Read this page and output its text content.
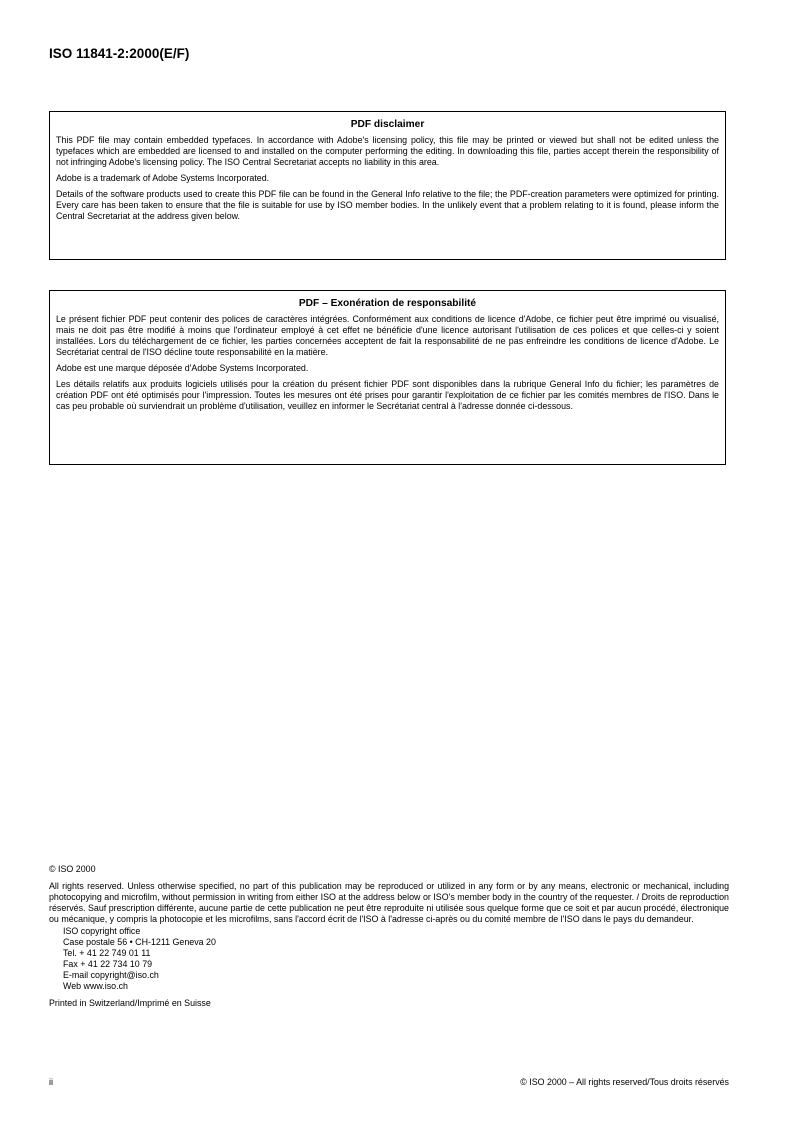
ISO 11841-2:2000(E/F)
PDF disclaimer

This PDF file may contain embedded typefaces. In accordance with Adobe's licensing policy, this file may be printed or viewed but shall not be edited unless the typefaces which are embedded are licensed to and installed on the computer performing the editing. In downloading this file, parties accept therein the responsibility of not infringing Adobe's licensing policy. The ISO Central Secretariat accepts no liability in this area.

Adobe is a trademark of Adobe Systems Incorporated.

Details of the software products used to create this PDF file can be found in the General Info relative to the file; the PDF-creation parameters were optimized for printing. Every care has been taken to ensure that the file is suitable for use by ISO member bodies. In the unlikely event that a problem relating to it is found, please inform the Central Secretariat at the address given below.

PDF – Exonération de responsabilité

Le présent fichier PDF peut contenir des polices de caractères intégrées. Conformément aux conditions de licence d'Adobe, ce fichier peut être imprimé ou visualisé, mais ne doit pas être modifié à moins que l'ordinateur employé à cet effet ne bénéficie d'une licence autorisant l'utilisation de ces polices et que celles-ci y soient installées. Lors du téléchargement de ce fichier, les parties concernées acceptent de fait la responsabilité de ne pas enfreindre les conditions de licence d'Adobe. Le Secrétariat central de l'ISO décline toute responsabilité en la matière.

Adobe est une marque déposée d'Adobe Systems Incorporated.

Les détails relatifs aux produits logiciels utilisés pour la création du présent fichier PDF sont disponibles dans la rubrique General Info du fichier; les paramètres de création PDF ont été optimisés pour l'impression. Toutes les mesures ont été prises pour garantir l'exploitation de ce fichier par les comités membres de l'ISO. Dans le cas peu probable où surviendrait un problème d'utilisation, veuillez en informer le Secrétariat central à l'adresse donnée ci-dessous.

© ISO 2000

All rights reserved. Unless otherwise specified, no part of this publication may be reproduced or utilized in any form or by any means, electronic or mechanical, including photocopying and microfilm, without permission in writing from either ISO at the address below or ISO's member body in the country of the requester. / Droits de reproduction réservés. Sauf prescription différente, aucune partie de cette publication ne peut être reproduite ni utilisée sous quelque forme que ce soit et par aucun procédé, électronique ou mécanique, y compris la photocopie et les microfilms, sans l'accord écrit de l'ISO à l'adresse ci-après ou du comité membre de l'ISO dans le pays du demandeur.

ISO copyright office
Case postale 56 • CH-1211 Geneva 20
Tel. + 41 22 749 01 11
Fax + 41 22 734 10 79
E-mail copyright@iso.ch
Web www.iso.ch

Printed in Switzerland/Imprimé en Suisse

ii	© ISO 2000 – All rights reserved/Tous droits réservés
